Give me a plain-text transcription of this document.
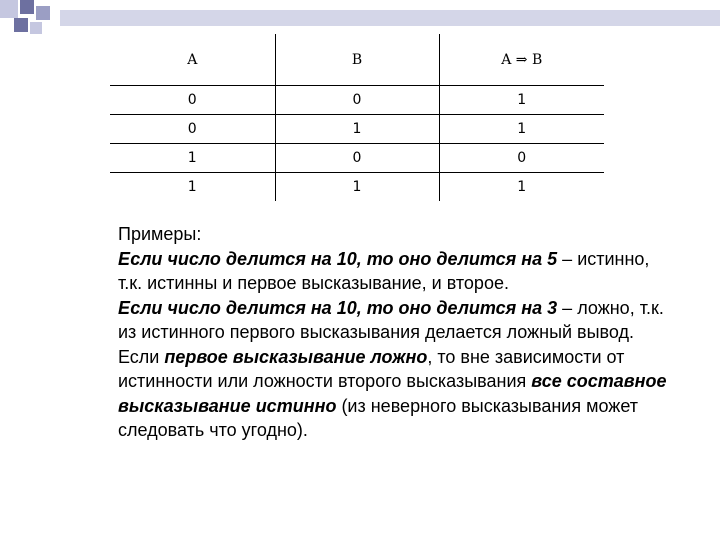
A	B	A ⇒ B
0	0	1
0	1	1
1	0	0
1	1	1

Примеры:

Если число делится на 10, то оно делится на 5 – истинно, т.к. истинны и первое высказывание, и второе.

Если число делится на 10, то оно делится на 3 – ложно, т.к. из истинного первого высказывания делается ложный вывод.

Если первое высказывание ложно, то вне зависимости от истинности или ложности второго высказывания все составное высказывание истинно (из неверного высказывания может следовать что угодно).
